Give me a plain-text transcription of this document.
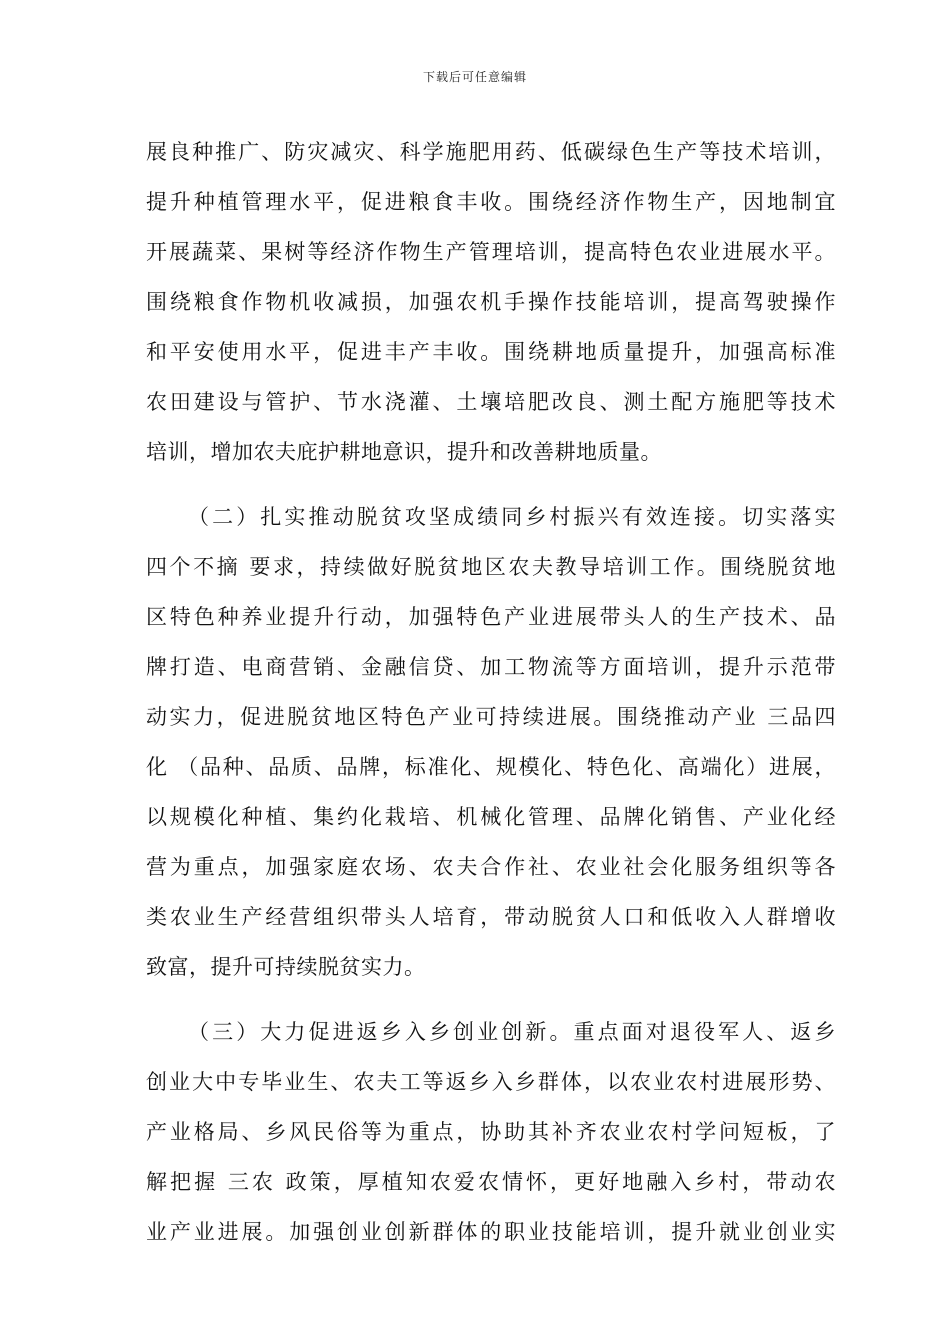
下载后可任意编辑
展良种推广、防灾减灾、科学施肥用药、低碳绿色生产等技术培训，
提升种植管理水平，促进粮食丰收。围绕经济作物生产，因地制宜
开展蔬菜、果树等经济作物生产管理培训，提高特色农业进展水平。
围绕粮食作物机收减损，加强农机手操作技能培训，提高驾驶操作
和平安使用水平，促进丰产丰收。围绕耕地质量提升，加强高标准
农田建设与管护、节水浇灌、土壤培肥改良、测土配方施肥等技术
培训，增加农夫庇护耕地意识，提升和改善耕地质量。
（二）扎实推动脱贫攻坚成绩同乡村振兴有效连接。切实落实
四个不摘 要求，持续做好脱贫地区农夫教导培训工作。围绕脱贫地
区特色种养业提升行动，加强特色产业进展带头人的生产技术、品
牌打造、电商营销、金融信贷、加工物流等方面培训，提升示范带
动实力，促进脱贫地区特色产业可持续进展。围绕推动产业 三品四
化 （品种、品质、品牌，标准化、规模化、特色化、高端化）进展，
以规模化种植、集约化栽培、机械化管理、品牌化销售、产业化经
营为重点，加强家庭农场、农夫合作社、农业社会化服务组织等各
类农业生产经营组织带头人培育，带动脱贫人口和低收入人群增收
致富，提升可持续脱贫实力。
（三）大力促进返乡入乡创业创新。重点面对退役军人、返乡
创业大中专毕业生、农夫工等返乡入乡群体，以农业农村进展形势、
产业格局、乡风民俗等为重点，协助其补齐农业农村学问短板，了
解把握 三农 政策，厚植知农爱农情怀，更好地融入乡村，带动农
业产业进展。加强创业创新群体的职业技能培训，提升就业创业实
